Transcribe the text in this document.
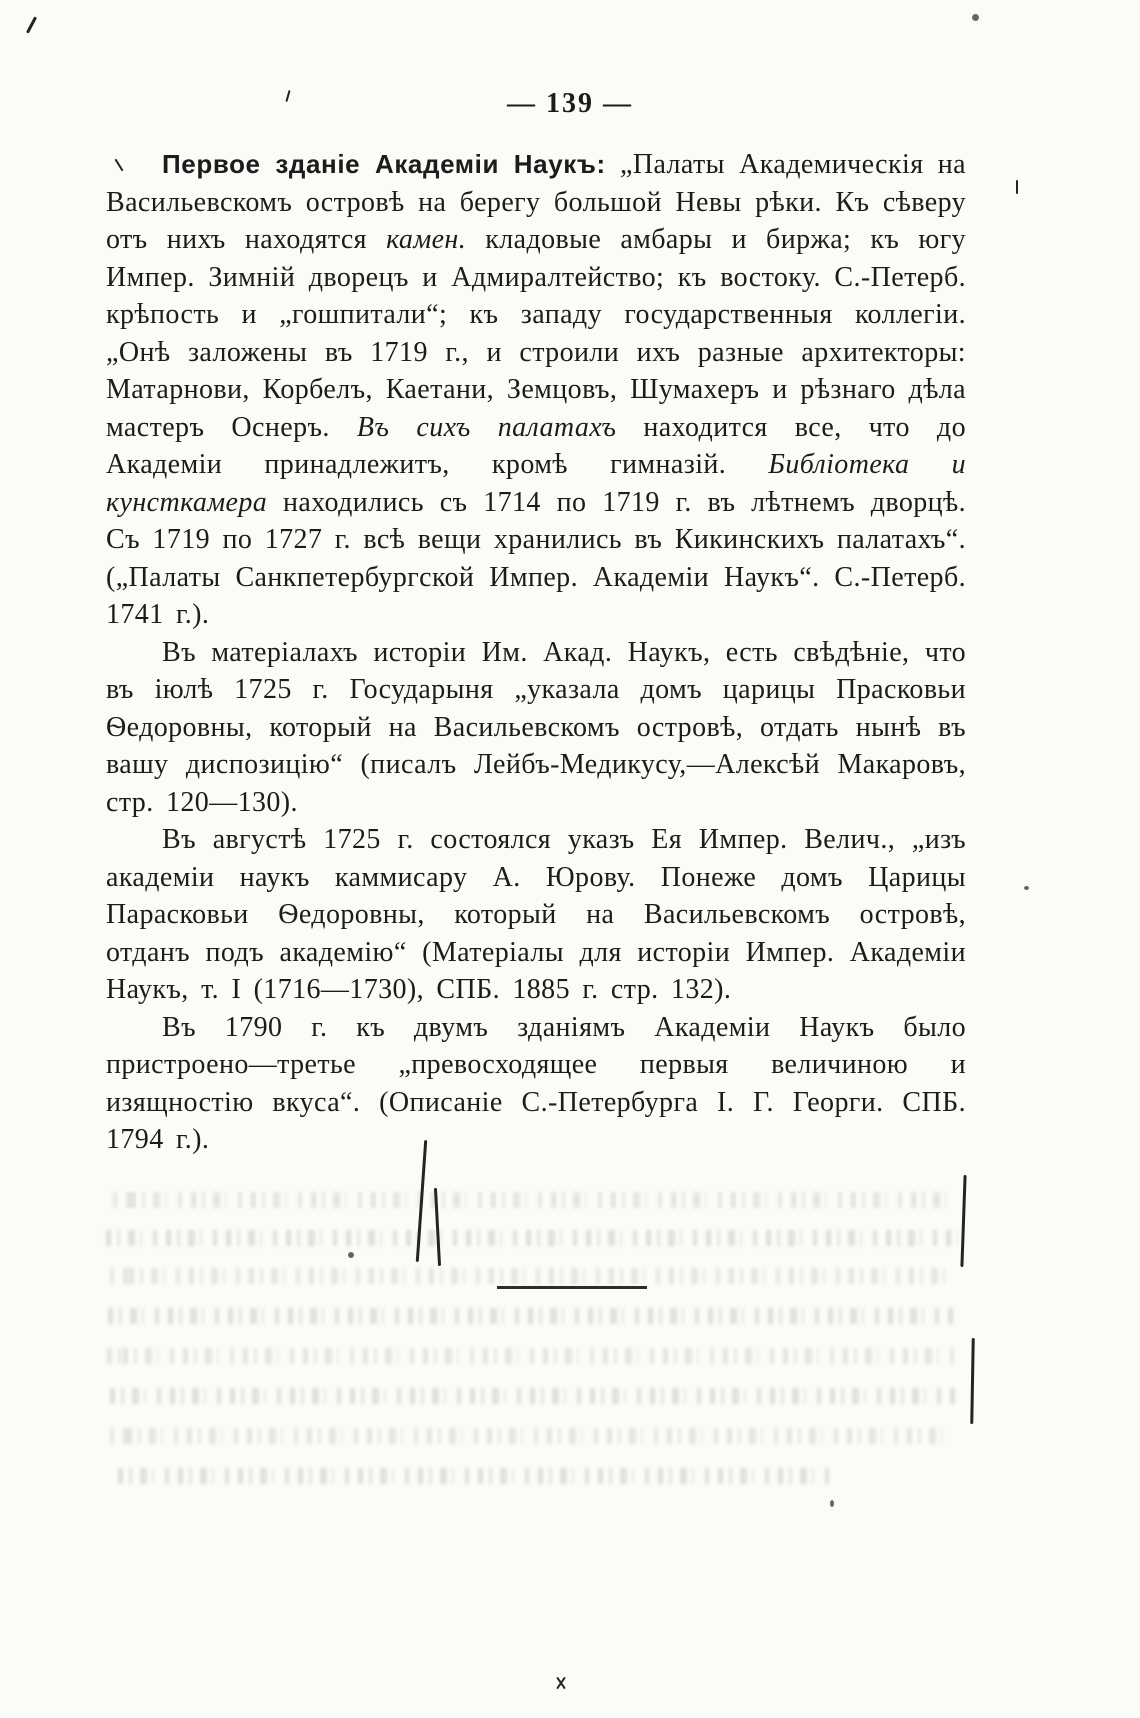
— 139 —

Первое зданіе Академіи Наукъ: „Палаты Академическія на Васильевскомъ островѣ на берегу большой Невы рѣки. Къ сѣверу отъ нихъ находятся камен. кладовые амбары и биржа; къ югу Импер. Зимній дворецъ и Адмиралтейство; къ востоку. С.-Петерб. крѣпость и „гошпитали“; къ западу государственныя коллегіи. „Онѣ заложены въ 1719 г., и строили ихъ разные архитекторы: Матарнови, Корбелъ, Каетани, Земцовъ, Шумахеръ и рѣзнаго дѣла мастеръ Оснеръ. Въ сихъ палатахъ находится все, что до Академіи принадлежитъ, кромѣ гимназій. Библіотека и кунсткамера находились съ 1714 по 1719 г. въ лѣтнемъ дворцѣ. Съ 1719 по 1727 г. всѣ вещи хранились въ Кикинскихъ палатахъ“. („Палаты Санкпетербургской Импер. Академіи Наукъ“. С.-Петерб. 1741 г.).

Въ матеріалахъ исторіи Им. Акад. Наукъ, есть свѣдѣніе, что въ іюлѣ 1725 г. Государыня „указала домъ царицы Прасковьи Ѳедоровны, который на Васильевскомъ островѣ, отдать нынѣ въ вашу диспозицію“ (писалъ Лейбъ-Медикусу,—Алексѣй Макаровъ, стр. 120—130).

Въ августѣ 1725 г. состоялся указъ Ея Импер. Велич., „изъ академіи наукъ каммисару А. Юрову. Понеже домъ Царицы Парасковьи Ѳедоровны, который на Васильевскомъ островѣ, отданъ подъ академію“ (Матеріалы для исторіи Импер. Академіи Наукъ, т. I (1716—1730), СПБ. 1885 г. стр. 132).

Въ 1790 г. къ двумъ зданіямъ Академіи Наукъ было пристроено—третье „превосходящее первыя величиною и изящностію вкуса“. (Описаніе С.-Петербурга І. Г. Георги. СПБ. 1794 г.).
